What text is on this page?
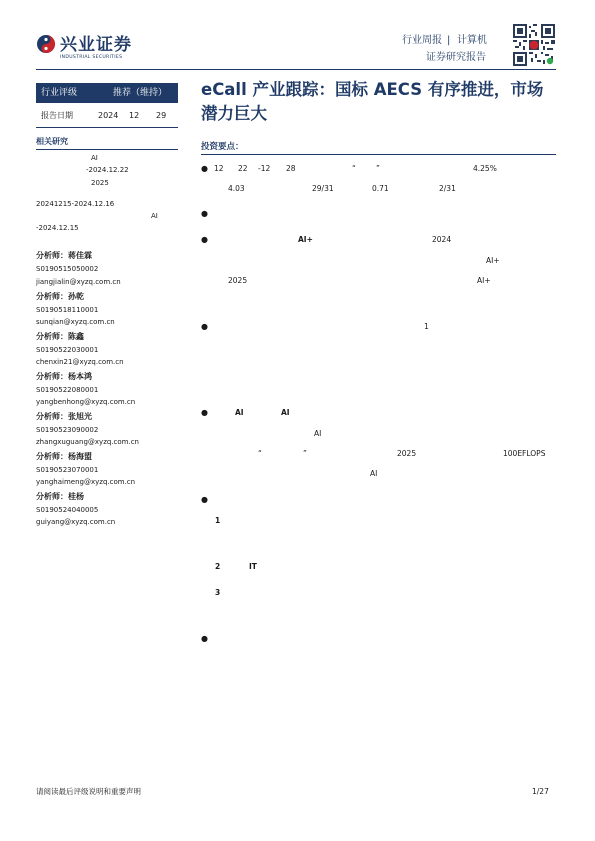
兴业证券
INDUSTRIAL SECURITIES
行业周报 | 计算机
证券研究报告
行业评级	推荐（维持）
报告日期	2024 12 29
相关研究
AI
-2024.12.22
2025
20241215-2024.12.16
AI
-2024.12.15
分析师：蒋佳霖
S0190515050002
jiangjialin@xyzq.com.cn
分析师：孙乾
S0190518110001
sunqian@xyzq.com.cn
分析师：陈鑫
S0190522030001
chenxin21@xyzq.com.cn
分析师：杨本鸿
S0190522080001
yangbenhong@xyzq.com.cn
分析师：张旭光
S0190523090002
zhangxuguang@xyzq.com.cn
分析师：杨海盟
S0190523070001
yanghaimeng@xyzq.com.cn
分析师：桂杨
S0190524040005
guiyang@xyzq.com.cn
eCall 产业跟踪：国标 AECS 有序推进，市场
潜力巨大
投资要点：
● 12 22 -12 28	“	”	4.25%
4.03	29/31	0.71	2/31
●
●	AI+	2024
AI+
2025	AI+
●	1
●	AI	AI
AI
“	”	2025	100EFLOPS
AI
●
1
2	IT
3
●
请阅读最后评级说明和重要声明	1/27
